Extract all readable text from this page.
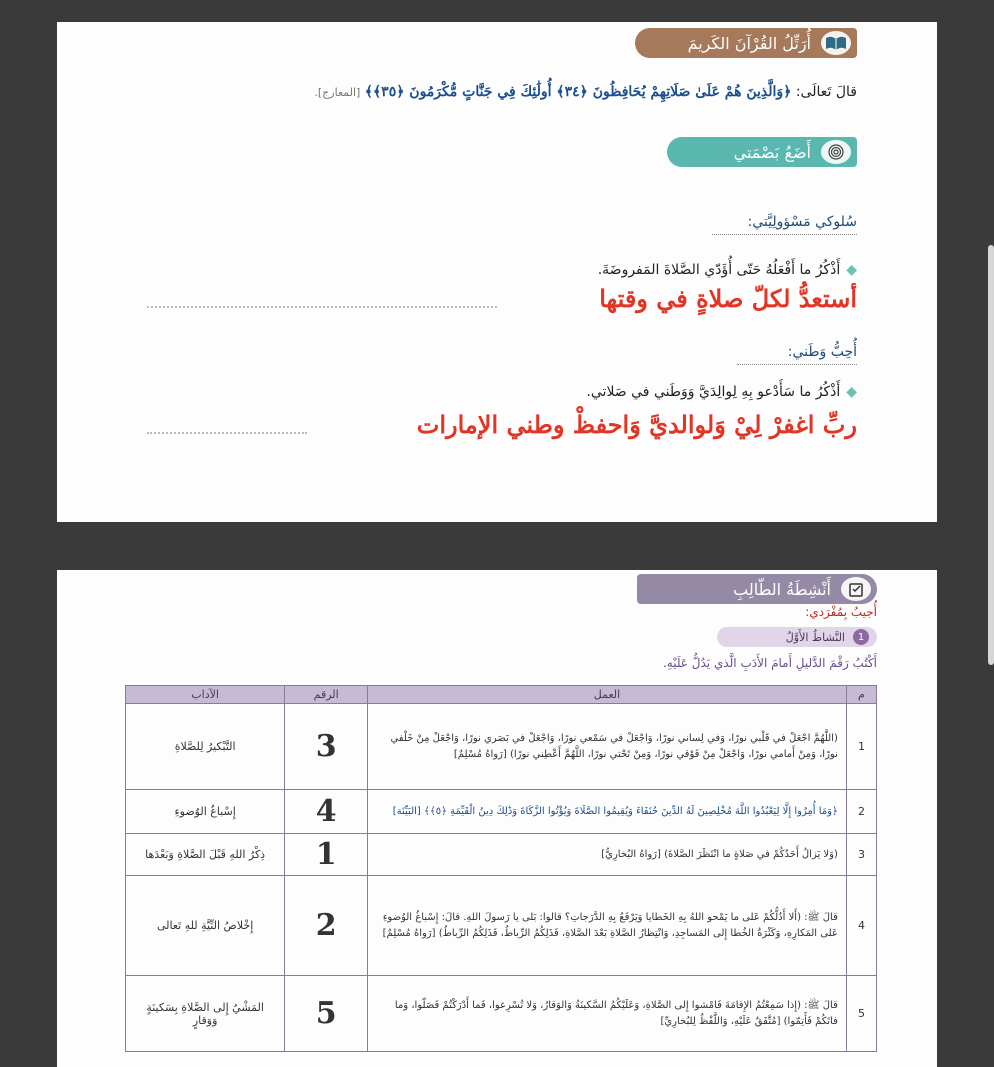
أُرَتِّلُ القُرْآنَ الكَريمَ
قالَ تَعالَى: ﴿وَالَّذِينَ هُمْ عَلَىٰ صَلَاتِهِمْ يُحَافِظُونَ ﴿٣٤﴾ أُولَٰئِكَ فِي جَنَّاتٍ مُّكْرَمُونَ ﴿٣٥﴾﴾ [المعارج].
أَضَعُ بَصْمَتي
سُلوكي مَسْؤولِيَّتي:
◆أَذْكُرُ ما أَفْعَلُهُ حَتّى أُؤَدّي الصَّلاةَ المَفروضَةَ.
أستعدُّ لكلّ صلاةٍ في وقتها
أُحِبُّ وَطَني:
◆أَذْكُرُ ما سَأَدْعو بِهِ لِوالِدَيَّ وَوَطَني في صَلاتي.
ربِّ اغفرْ لِيْ وَلوالديَّ وَاحفظْ وطني الإمارات
أَنْشِطَةُ الطّالِبِ
أُجيبُ بِمُفْرَدي:
1
النَّشاطُ الأَوَّلُ
أَكْتُبُ رَقْمَ الدَّليلِ أَمامَ الأَدَبِ الَّذي يَدُلُّ عَلَيْهِ.
م	العمل	الرقم	الآداب
1	(اللَّهُمَّ اجْعَلْ في قَلْبي نورًا، وَفي لِساني نورًا، وَاجْعَلْ في سَمْعي نورًا، وَاجْعَلْ في بَصَري نورًا، وَاجْعَلْ مِنْ خَلْفي نورًا، وَمِنْ أَمامي نورًا، وَاجْعَلْ مِنْ فَوْقي نورًا، وَمِنْ تَحْتي نورًا، اللَّهُمَّ أَعْطِني نورًا) [رَواهُ مُسْلِمٌ]	3	التَّبْكيرُ لِلصَّلاةِ
2	﴿وَمَا أُمِرُوا إِلَّا لِيَعْبُدُوا اللَّهَ مُخْلِصِينَ لَهُ الدِّينَ حُنَفَاءَ وَيُقِيمُوا الصَّلَاةَ وَيُؤْتُوا الزَّكَاةَ وَذَٰلِكَ دِينُ الْقَيِّمَةِ ﴿٥﴾﴾ [البَيِّنَة]	4	إِسْباغُ الوُضوءِ
3	(وَلا يَزالُ أَحَدُكُمْ في صَلاةٍ ما انْتَظَرَ الصَّلاةَ) [رَواهُ البُخارِيُّ]	1	ذِكْرُ اللهِ قَبْلَ الصَّلاةِ وَبَعْدَها
4	قالَ ﷺ: (أَلا أَدُلُّكُمْ عَلى ما يَمْحو اللهُ بِهِ الخَطايا وَيَرْفَعُ بِهِ الدَّرَجاتِ؟ قالوا: بَلى يا رَسولَ اللهِ. قالَ: إِسْباغُ الوُضوءِ عَلى المَكارِهِ، وَكَثْرَةُ الخُطا إِلى المَساجِدِ، وَانْتِظارُ الصَّلاةِ بَعْدَ الصَّلاةِ، فَذَلِكُمُ الرِّباطُ، فَذَلِكُمُ الرِّباطُ) [رَواهُ مُسْلِمٌ]	2	إِخْلاصُ النِّيَّةِ للهِ تَعالى
5	قالَ ﷺ: (إِذا سَمِعْتُمُ الإِقامَةَ فَامْشوا إِلى الصَّلاةِ، وَعَلَيْكُمُ السَّكينَةُ وَالوَقارُ، وَلا تُسْرِعوا، فَما أَدْرَكْتُمْ فَصَلّوا، وَما فاتَكُمْ فَأَتِمّوا) [مُتَّفَقٌ عَلَيْهِ، وَاللَّفْظُ لِلبُخارِيِّ]	5	المَشْيُ إِلى الصَّلاةِ بِسَكينَةٍ وَوَقارٍ
